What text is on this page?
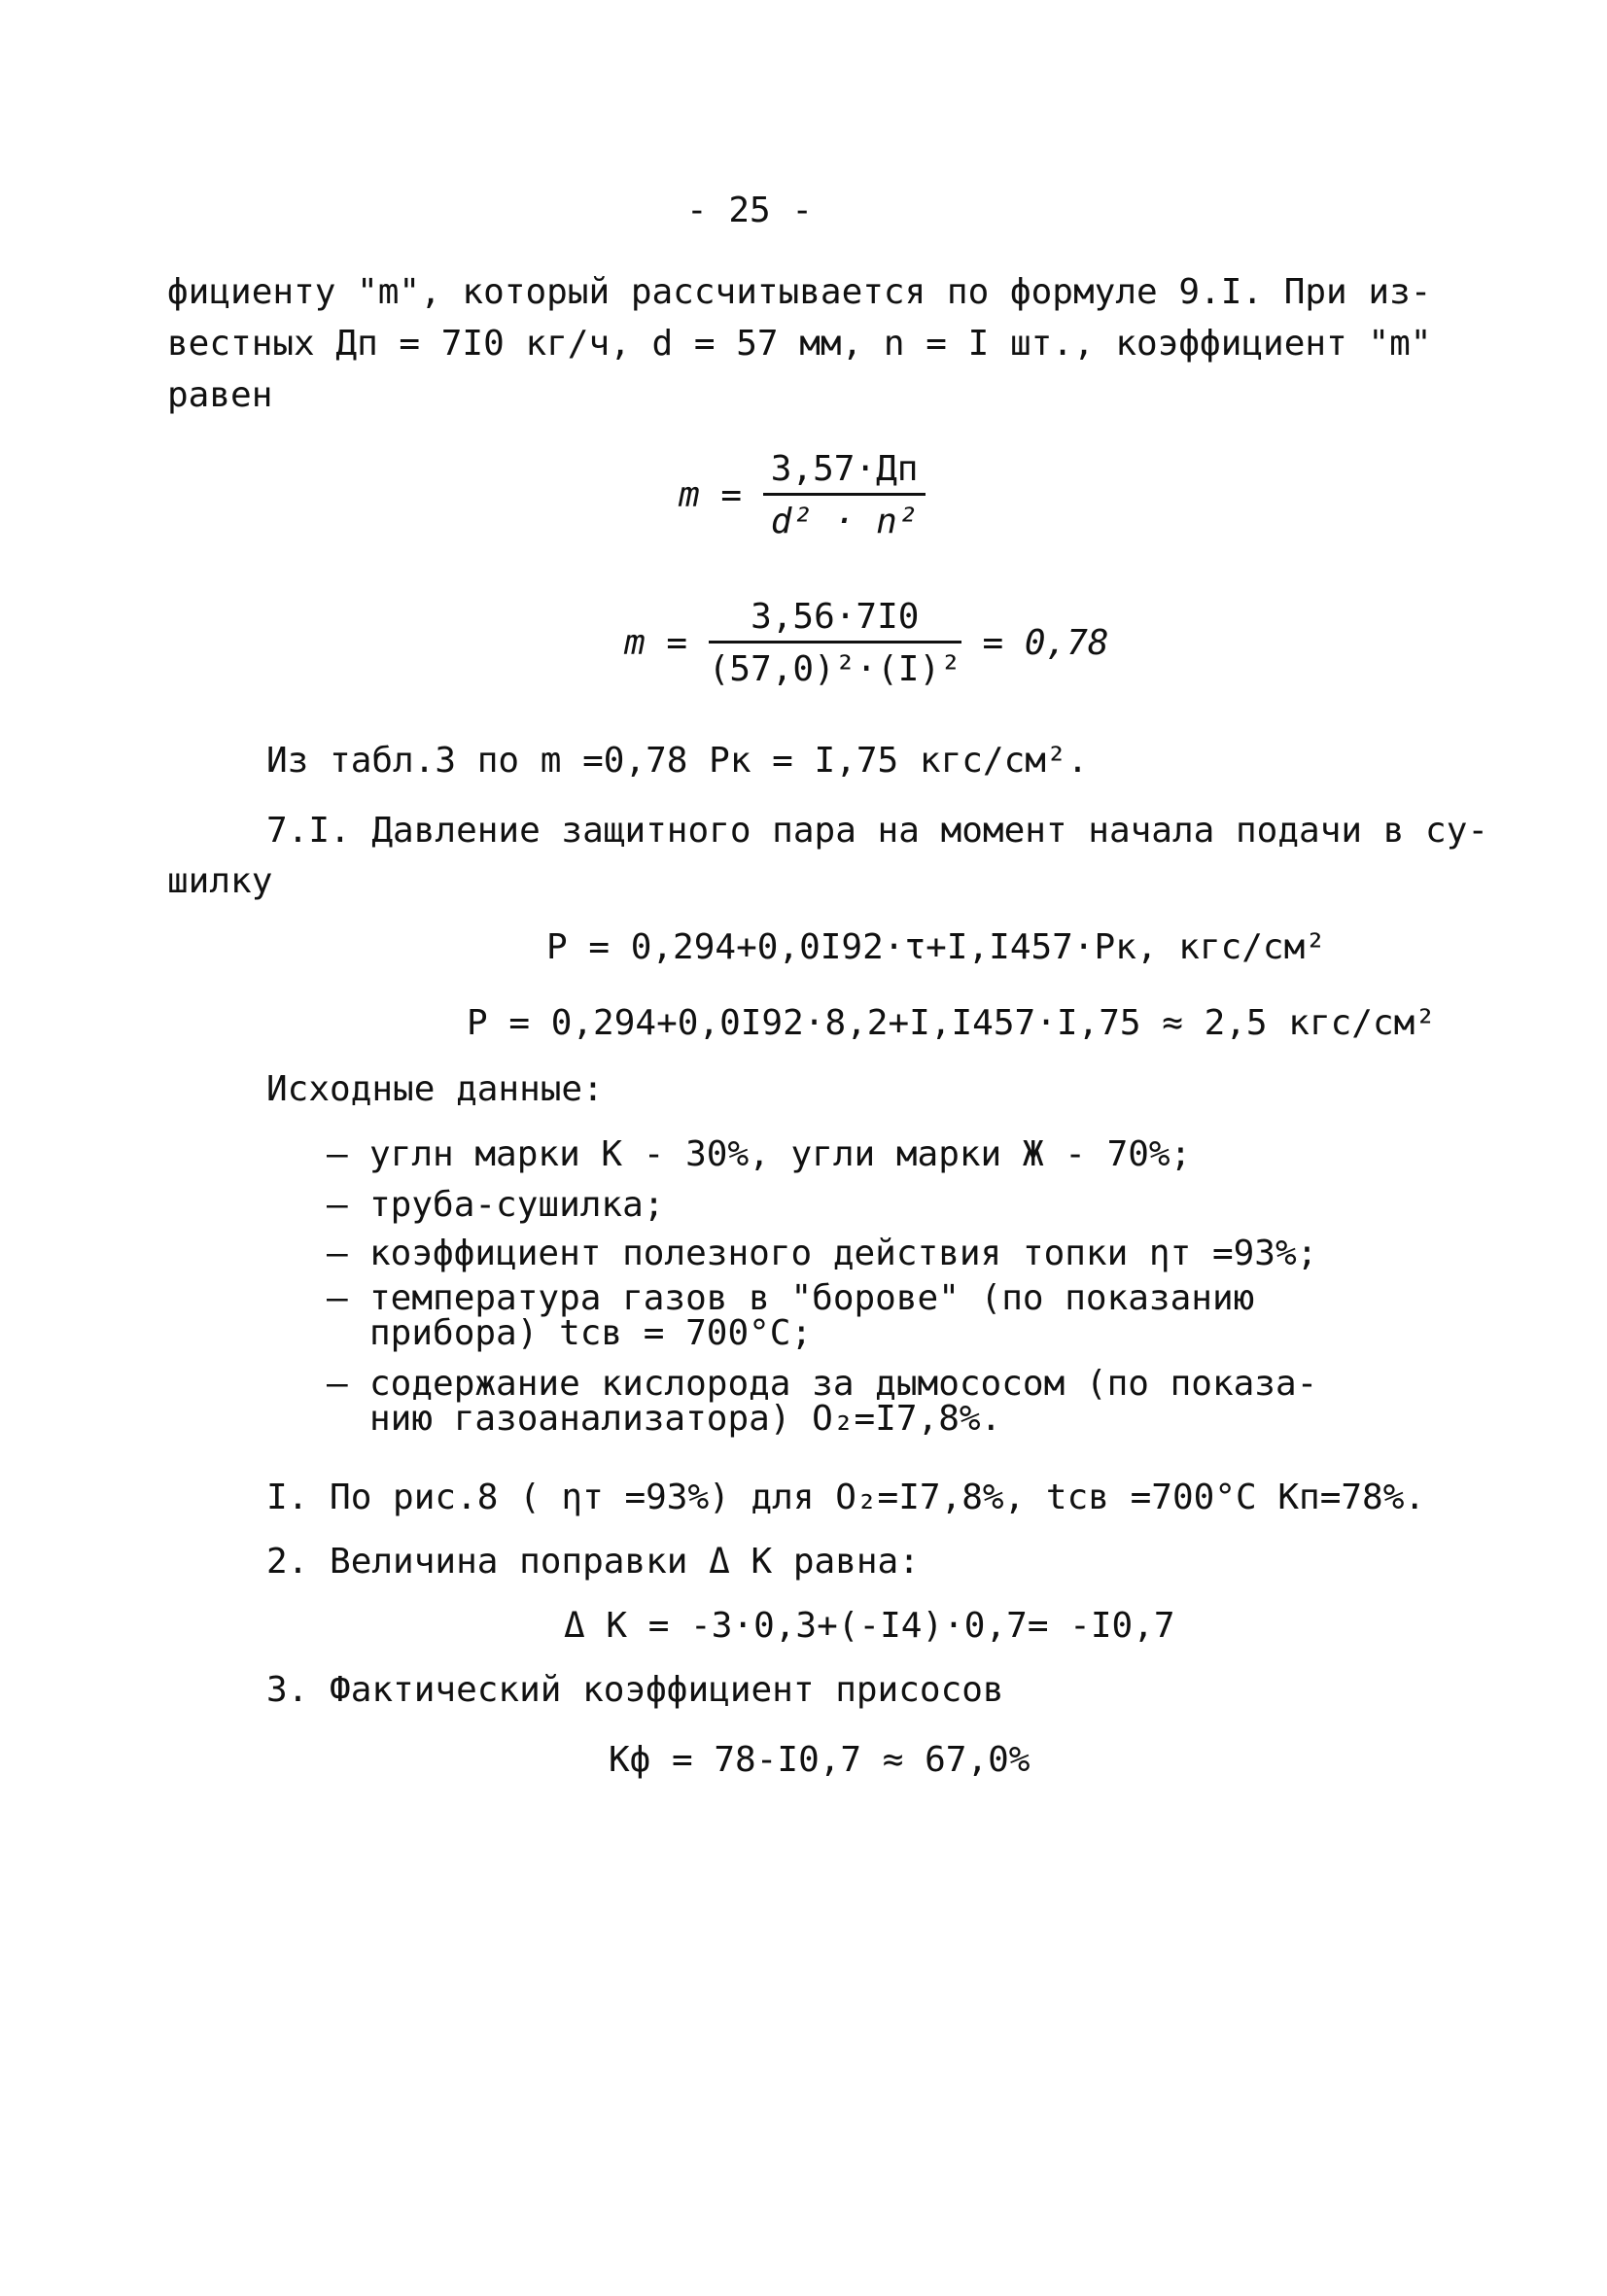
- 25 -
фициенту "m", который рассчитывается по формуле 9.I. При из-
вестных Дп = 7I0 кг/ч, d = 57 мм, n = I шт., коэффициент "m"
равен
$m = \frac{3,57\cdot Дп}{\text{d² · n²}}$
$m = \frac{3,56\cdot 7I0}{\text{(57,0)²·(I)²}} = 0,78$
Из табл.3 по m =0,78 Pк = I,75 кгс/см².
7.I. Давление защитного пара на момент начала подачи в су-
шилку
P = 0,294+0,0I92·τ+I,I457·Pк, кгс/см²
P = 0,294+0,0I92·8,2+I,I457·I,75 ≈ 2,5 кгс/см²
Исходные данные:
– углн марки К - 30%, угли марки Ж - 70%;
– труба-сушилка;
– коэффициент полезного действия топки ηт =93%;
– температура газов в "борове" (по показанию
прибора) tсв = 700°С;
– содержание кислорода за дымососом (по показа-
нию газоанализатора) О₂=I7,8%.
I. По рис.8 ( ηт =93%) для О₂=I7,8%, tсв =700°С Кп=78%.
2. Величина поправки Δ К равна:
Δ К = -3·0,3+(-I4)·0,7= -I0,7
3. Фактический коэффициент присосов
Кф = 78-I0,7 ≈ 67,0%
